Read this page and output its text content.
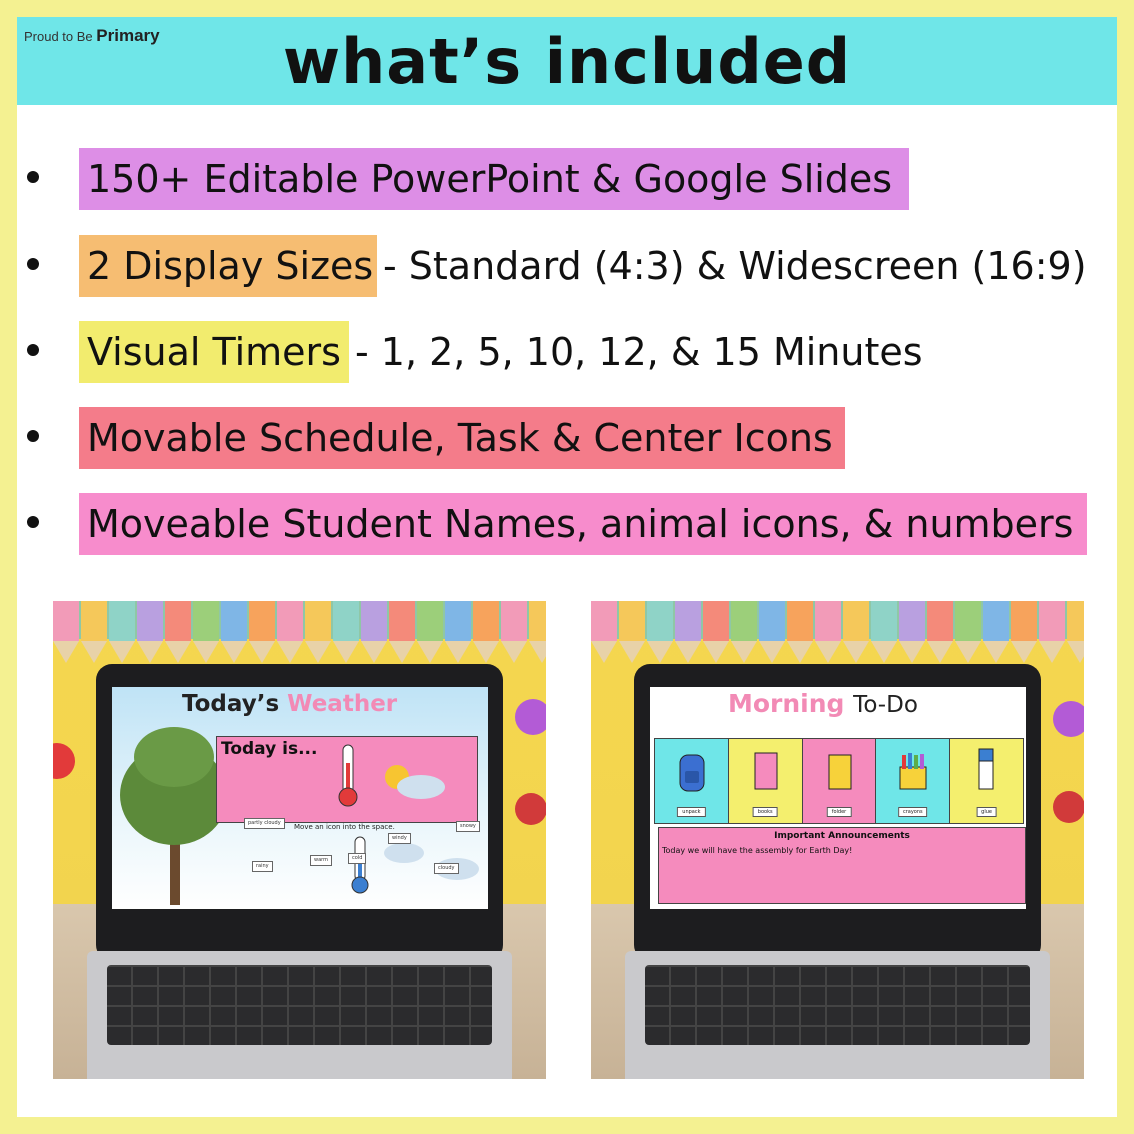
Proud to Be Primary what’s included
150+ Editable PowerPoint & Google Slides
2 Display Sizes - Standard (4:3) & Widescreen (16:9)
Visual Timers - 1, 2, 5, 10, 12, & 15 Minutes
Movable Schedule, Task & Center Icons
Moveable Student Names, animal icons, & numbers
Today’s Weather
Today is...
Move an icon into the space.
partly cloudy
windy
snowy
rainy
warm	cold
cloudy
Morning To-Do
unpack	books	folder	crayons	glue
Important Announcements
Today we will have the assembly for Earth Day!
